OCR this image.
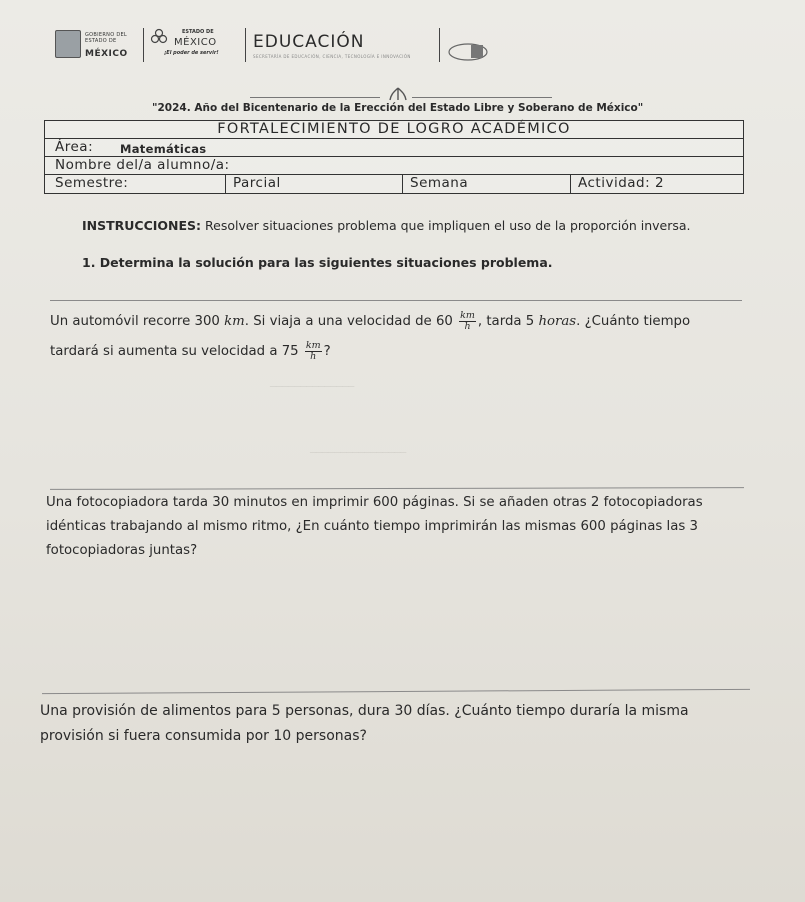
GOBIERNO DEL ESTADO DE
MÉXICO
ESTADO DE
MÉXICO
¡El poder de servir!
EDUCACIÓN
SECRETARÍA DE EDUCACIÓN, CIENCIA, TECNOLOGÍA E INNOVACIÓN
"2024. Año del Bicentenario de la Erección del Estado Libre y Soberano de México"
FORTALECIMIENTO DE LOGRO ACADÉMICO
Área: Matemáticas
Nombre del/a alumno/a:
Semestre:	Parcial	Semana	Actividad: 2
INSTRUCCIONES: Resolver situaciones problema que impliquen el uso de la proporción inversa.
1. Determina la solución para las siguientes situaciones problema.
Un automóvil recorre 300 km. Si viaja a una velocidad de $60 \frac{km}{h}$ , tarda 5 horas. ¿Cuánto tiempo
tardará si aumenta su velocidad a $75 \frac{km}{h}$ ?
──────────────
────────────────
Una fotocopiadora tarda 30 minutos en imprimir 600 páginas. Si se añaden otras 2 fotocopiadoras
idénticas trabajando al mismo ritmo, ¿En cuánto tiempo imprimirán las mismas 600 páginas las 3
fotocopiadoras juntas?
Una provisión de alimentos para 5 personas, dura 30 días. ¿Cuánto tiempo duraría la misma
provisión si fuera consumida por 10 personas?
